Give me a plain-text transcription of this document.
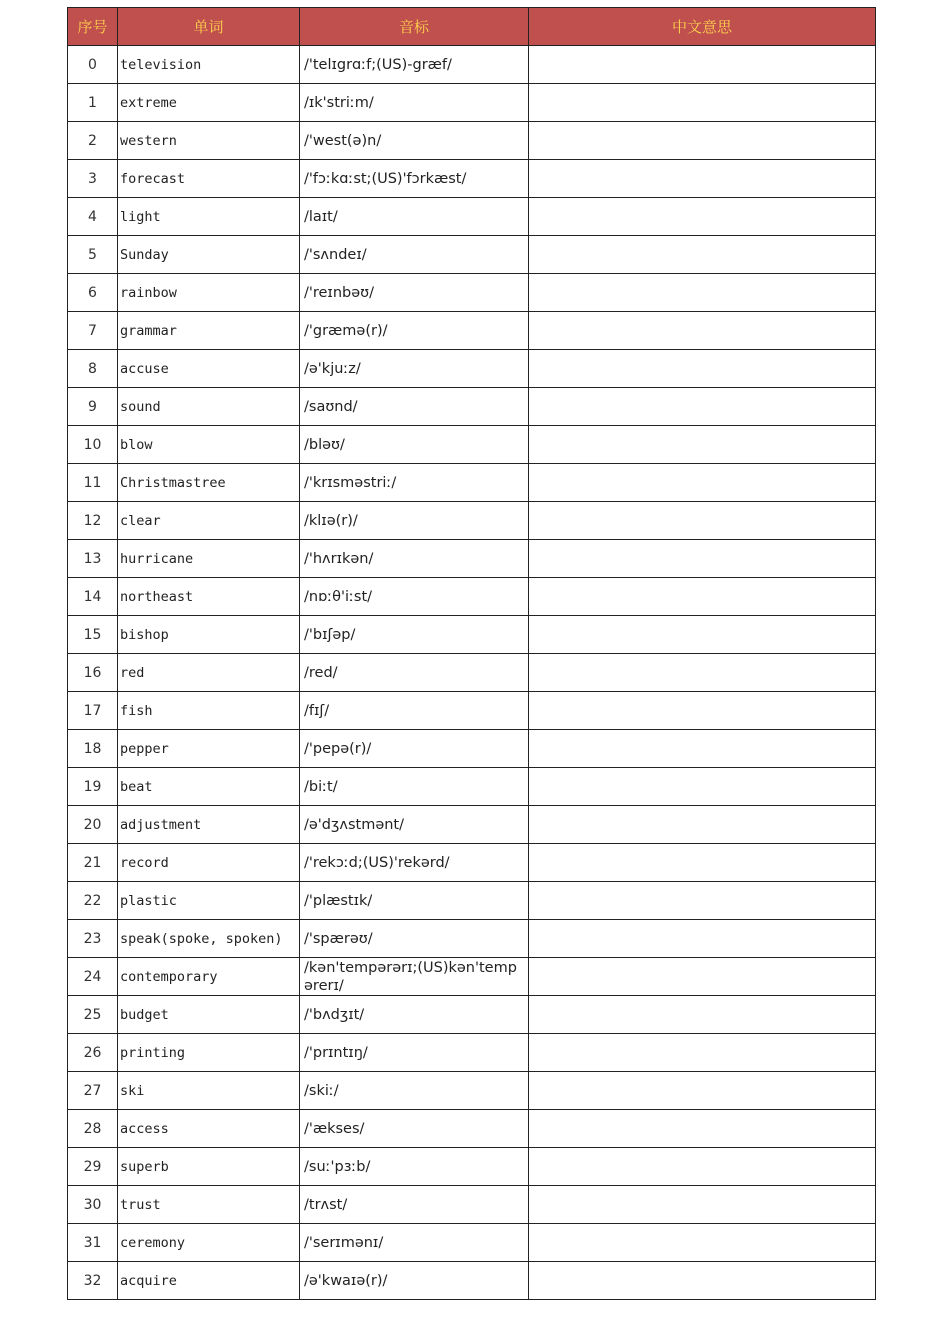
序号	单词	音标	中文意思
0	television	/'telɪgrɑːf;(US)-græf/	
1	extreme	/ɪk'striːm/	
2	western	/'west(ə)n/	
3	forecast	/'fɔːkɑːst;(US)'fɔrkæst/	
4	light	/laɪt/	
5	Sunday	/'sʌndeɪ/	
6	rainbow	/'reɪnbəʊ/	
7	grammar	/'græmə(r)/	
8	accuse	/ə'kjuːz/	
9	sound	/saʊnd/	
10	blow	/bləʊ/	
11	Christmastree	/'krɪsməstriː/	
12	clear	/klɪə(r)/	
13	hurricane	/'hʌrɪkən/	
14	northeast	/nɒːθ'iːst/	
15	bishop	/'bɪʃəp/	
16	red	/red/	
17	fish	/fɪʃ/	
18	pepper	/'pepə(r)/	
19	beat	/biːt/	
20	adjustment	/ə'dʒʌstmənt/	
21	record	/'rekɔːd;(US)'rekərd/	
22	plastic	/'plæstɪk/	
23	speak(spoke, spoken)	/'spærəʊ/	
24	contemporary	/kən'tempərərɪ;(US)kən'tempərerɪ/	
25	budget	/'bʌdʒɪt/	
26	printing	/'prɪntɪŋ/	
27	ski	/skiː/	
28	access	/'ækses/	
29	superb	/suː'pɜːb/	
30	trust	/trʌst/	
31	ceremony	/'serɪmənɪ/	
32	acquire	/ə'kwaɪə(r)/	
